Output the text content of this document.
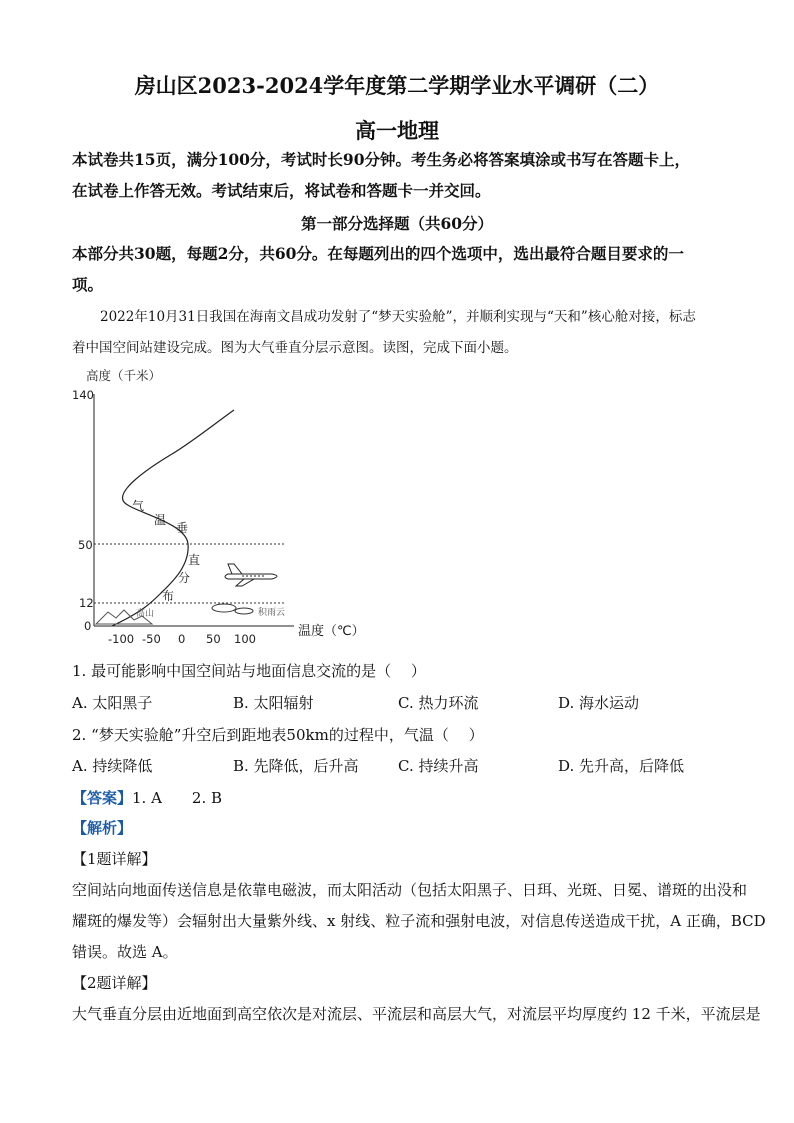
房山区2023-2024学年度第二学期学业水平调研（二）
高一地理
本试卷共15页，满分100分，考试时长90分钟。考生务必将答案填涂或书写在答题卡上，
在试卷上作答无效。考试结束后，将试卷和答题卡一并交回。
第一部分选择题（共60分）
本部分共30题，每题2分，共60分。在每题列出的四个选项中，选出最符合题目要求的一
项。
2022年10月31日我国在海南文昌成功发射了“梦天实验舱”，并顺利实现与“天和”核心舱对接，标志
着中国空间站建设完成。图为大气垂直分层示意图。读图，完成下面小题。
高度（千米）
140
50
12
0
气
温
垂
直
分
布
高山	积雨云
-100 -50 0 50 100	温度（℃）
1. 最可能影响中国空间站与地面信息交流的是（　 ）
A. 太阳黑子	B. 太阳辐射	C. 热力环流	D. 海水运动
2. “梦天实验舱”升空后到距地表50km的过程中，气温（　 ）
A. 持续降低	B. 先降低，后升高	C. 持续升高	D. 先升高，后降低
【答案】1. A　　2. B
【解析】
【1题详解】
空间站向地面传送信息是依靠电磁波，而太阳活动（包括太阳黑子、日珥、光斑、日冕、谱斑的出没和
耀斑的爆发等）会辐射出大量紫外线、x 射线、粒子流和强射电波，对信息传送造成干扰，A 正确，BCD
错误。故选 A。
【2题详解】
大气垂直分层由近地面到高空依次是对流层、平流层和高层大气，对流层平均厚度约 12 千米，平流层是
